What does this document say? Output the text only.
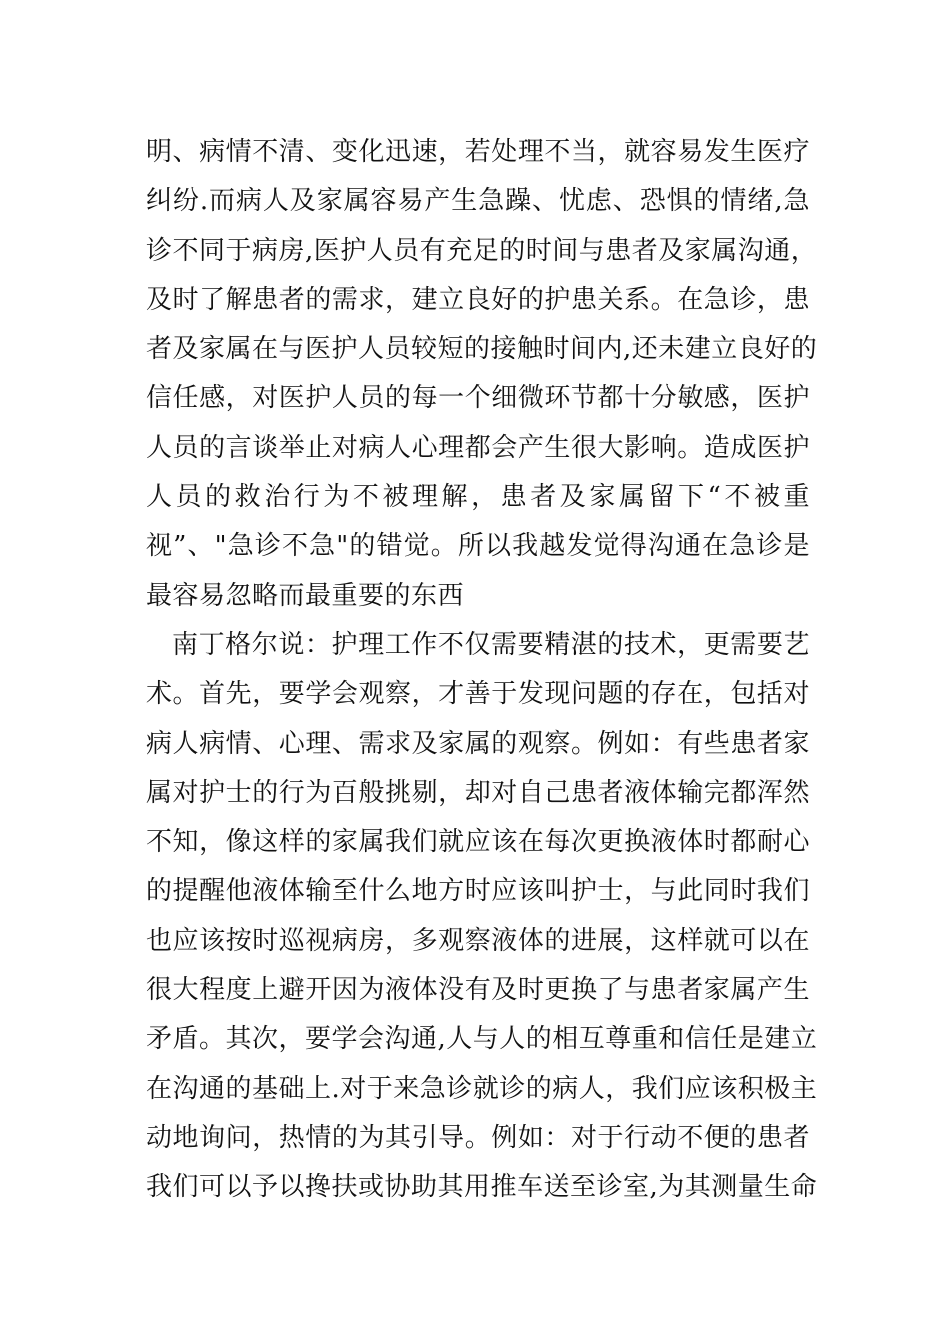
明、病情不清、变化迅速，若处理不当，就容易发生医疗
纠纷.而病人及家属容易产生急躁、忧虑、恐惧的情绪,急
诊不同于病房,医护人员有充足的时间与患者及家属沟通，
及时了解患者的需求，建立良好的护患关系。在急诊，患
者及家属在与医护人员较短的接触时间内,还未建立良好的
信任感，对医护人员的每一个细微环节都十分敏感，医护
人员的言谈举止对病人心理都会产生很大影响。造成医护
人员的救治行为不被理解，患者及家属留下“不被重
视”、"急诊不急"的错觉。所以我越发觉得沟通在急诊是
最容易忽略而最重要的东西
南丁格尔说：护理工作不仅需要精湛的技术，更需要艺
术。首先，要学会观察，才善于发现问题的存在，包括对
病人病情、心理、需求及家属的观察。例如：有些患者家
属对护士的行为百般挑剔，却对自己患者液体输完都浑然
不知，像这样的家属我们就应该在每次更换液体时都耐心
的提醒他液体输至什么地方时应该叫护士，与此同时我们
也应该按时巡视病房，多观察液体的进展，这样就可以在
很大程度上避开因为液体没有及时更换了与患者家属产生
矛盾。其次，要学会沟通,人与人的相互尊重和信任是建立
在沟通的基础上.对于来急诊就诊的病人，我们应该积极主
动地询问，热情的为其引导。例如：对于行动不便的患者
我们可以予以搀扶或协助其用推车送至诊室,为其测量生命
